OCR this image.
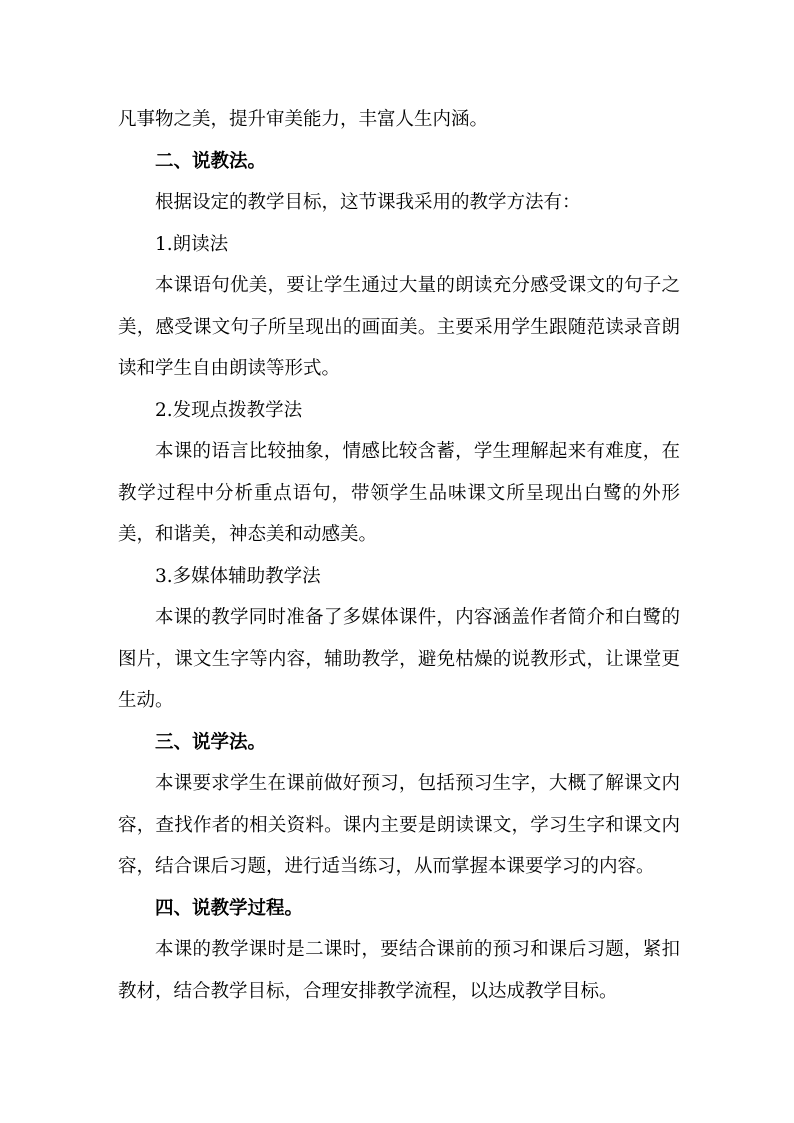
凡事物之美，提升审美能力，丰富人生内涵。

二、说教法。

根据设定的教学目标，这节课我采用的教学方法有：

1.朗读法

本课语句优美，要让学生通过大量的朗读充分感受课文的句子之美，感受课文句子所呈现出的画面美。主要采用学生跟随范读录音朗读和学生自由朗读等形式。

2.发现点拨教学法

本课的语言比较抽象，情感比较含蓄，学生理解起来有难度，在教学过程中分析重点语句，带领学生品味课文所呈现出白鹭的外形美，和谐美，神态美和动感美。

3.多媒体辅助教学法

本课的教学同时准备了多媒体课件，内容涵盖作者简介和白鹭的图片，课文生字等内容，辅助教学，避免枯燥的说教形式，让课堂更生动。

三、说学法。

本课要求学生在课前做好预习，包括预习生字，大概了解课文内容，查找作者的相关资料。课内主要是朗读课文，学习生字和课文内容，结合课后习题，进行适当练习，从而掌握本课要学习的内容。

四、说教学过程。

本课的教学课时是二课时，要结合课前的预习和课后习题，紧扣教材，结合教学目标，合理安排教学流程，以达成教学目标。
